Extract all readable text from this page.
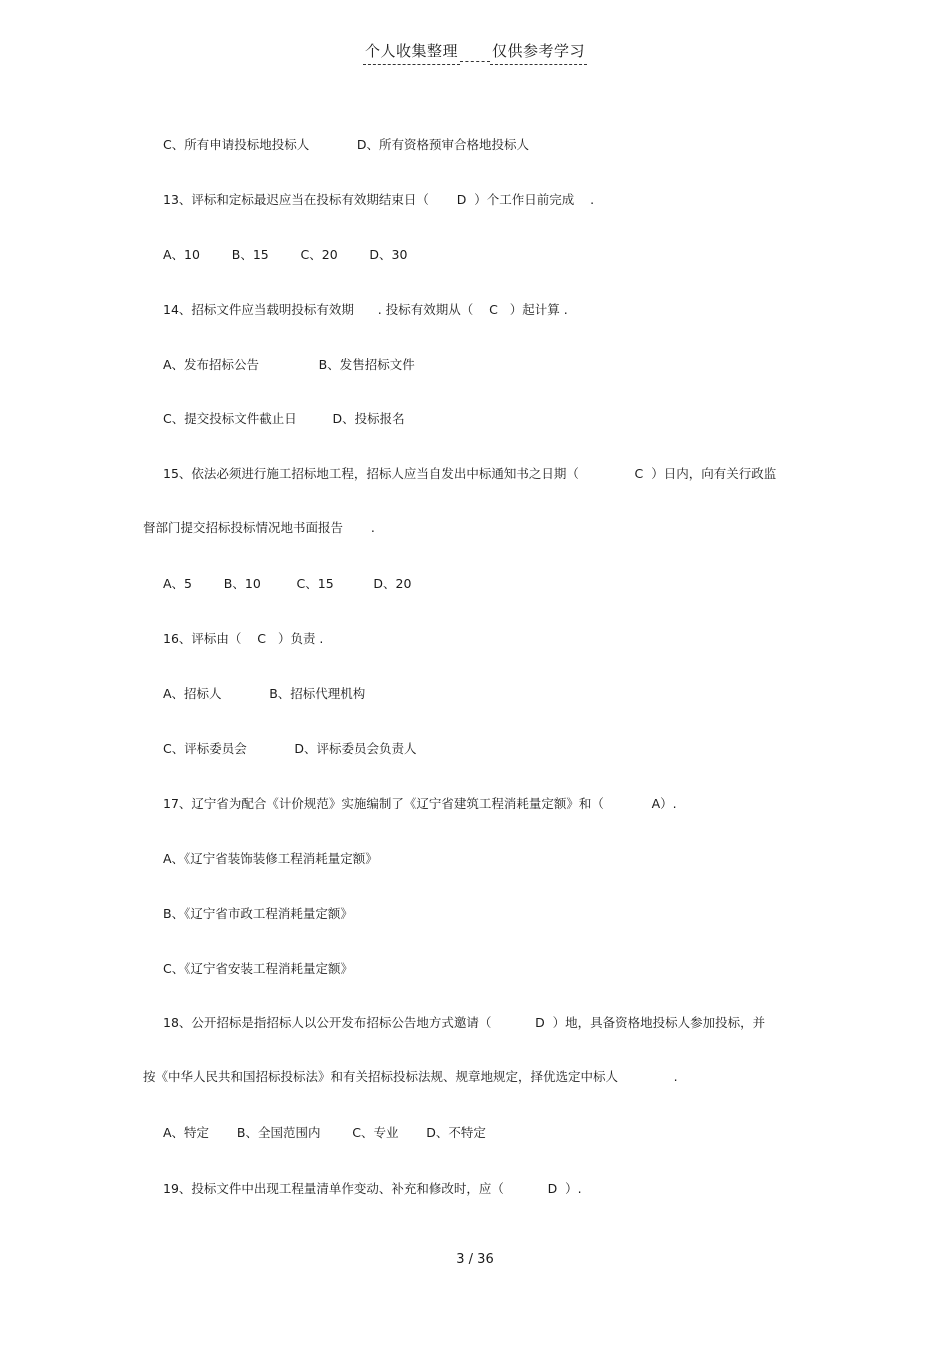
个人收集整理 仅供参考学习
C、所有申请投标地投标人            D、所有资格预审合格地投标人
13、评标和定标最迟应当在投标有效期结束日（       D  ）个工作日前完成    .
A、10        B、15        C、20        D、30
14、招标文件应当载明投标有效期      . 投标有效期从（    C   ）起计算 .
A、发布招标公告               B、发售招标文件
C、提交投标文件截止日         D、投标报名
15、依法必须进行施工招标地工程，招标人应当自发出中标通知书之日期（              C  ）日内，向有关行政监
督部门提交招标投标情况地书面报告       .
A、5        B、10         C、15          D、20
16、评标由（    C   ）负责 .
A、招标人            B、招标代理机构
C、评标委员会            D、评标委员会负责人
17、辽宁省为配合《计价规范》实施编制了《辽宁省建筑工程消耗量定额》和（            A）.
A、《辽宁省装饰装修工程消耗量定额》
B、《辽宁省市政工程消耗量定额》
C、《辽宁省安装工程消耗量定额》
18、公开招标是指招标人以公开发布招标公告地方式邀请（           D  ）地，具备资格地投标人参加投标，并
按《中华人民共和国招标投标法》和有关招标投标法规、规章地规定，择优选定中标人              .
A、特定       B、全国范围内        C、专业       D、不特定
19、投标文件中出现工程量清单作变动、补充和修改时，应（           D  ）.
3 / 36
